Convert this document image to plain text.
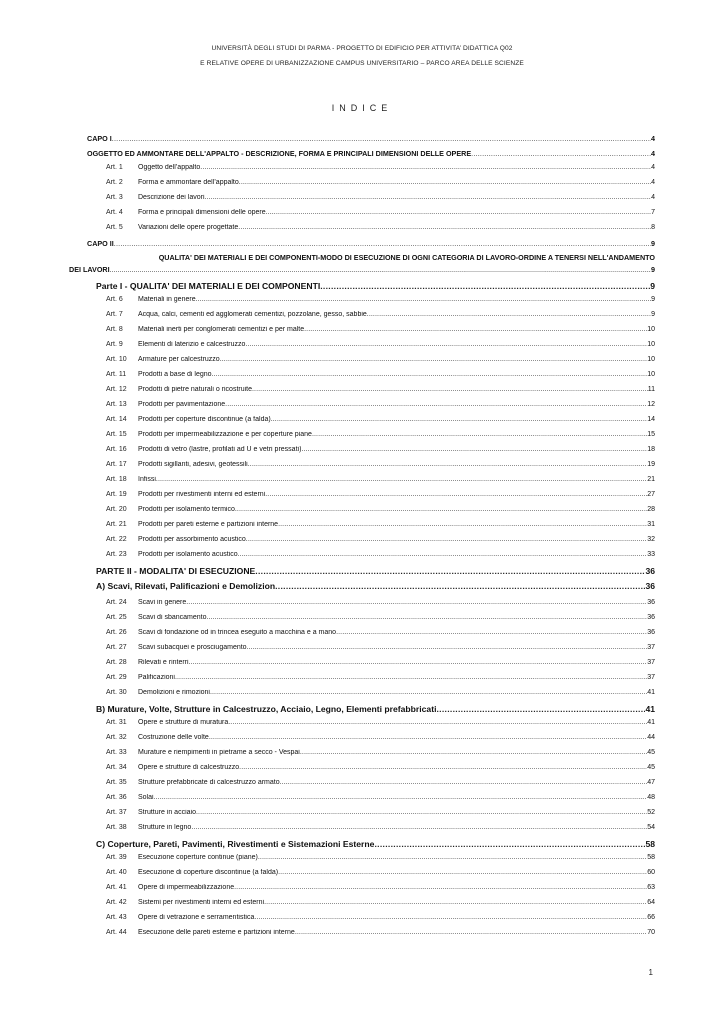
UNIVERSITÀ DEGLI STUDI DI PARMA - PROGETTO DI EDIFICIO PER ATTIVITA’ DIDATTICA Q02
E RELATIVE OPERE DI URBANIZZAZIONE CAMPUS UNIVERSITARIO – PARCO AREA DELLE SCIENZE
INDICE
CAPO I .....	4
OGGETTO ED AMMONTARE DELL'APPALTO - DESCRIZIONE, FORMA E PRINCIPALI DIMENSIONI DELLE OPERE .....	4
Art. 1 Oggetto dell’appalto .....	4
Art. 2 Forma e ammontare dell’appalto .....	4
Art. 3 Descrizione dei lavori .....	4
Art. 4 Forma e principali dimensioni delle opere .....	7
Art. 5 Variazioni delle opere progettate .....	8
CAPO II .....	9
QUALITA' DEI MATERIALI E DEI COMPONENTI-MODO DI ESECUZIONE DI OGNI CATEGORIA DI LAVORO-ORDINE A TENERSI NELL'ANDAMENTO
DEI LAVORI .....	9
Parte I - QUALITA' DEI MATERIALI E DEI COMPONENTI .....	9
Art. 6 Materiali in genere .....	9
Art. 7 Acqua, calci, cementi ed agglomerati cementizi, pozzolane, gesso, sabbie .....	9
Art. 8 Materiali inerti per conglomerati cementizi e per malte .....	10
Art. 9 Elementi di laterizio e calcestruzzo .....	10
Art. 10 Armature per calcestruzzo .....	10
Art. 11 Prodotti a base di legno .....	10
Art. 12 Prodotti di pietre naturali o ricostruite .....	11
Art. 13 Prodotti per pavimentazione .....	12
Art. 14 Prodotti per coperture discontinue (a falda) .....	14
Art. 15 Prodotti per impermeabilizzazione e per coperture piane .....	15
Art. 16 Prodotti di vetro (lastre, profilati ad U e vetri pressati) .....	18
Art. 17 Prodotti sigillanti, adesivi, geotessili .....	19
Art. 18 Infissi .....	21
Art. 19 Prodotti per rivestimenti interni ed esterni .....	27
Art. 20 Prodotti per isolamento termico .....	28
Art. 21 Prodotti per pareti esterne e partizioni interne .....	31
Art. 22 Prodotti per assorbimento acustico .....	32
Art. 23 Prodotti per isolamento acustico .....	33
PARTE II - MODALITA' DI ESECUZIONE .....	36
A) Scavi, Rilevati, Palificazioni e Demolizion .....	36
Art. 24 Scavi in genere .....	36
Art. 25 Scavi di sbancamento .....	36
Art. 26 Scavi di fondazione od in trincea eseguito a macchina e a mano .....	36
Art. 27 Scavi subacquei e prosciugamento .....	37
Art. 28 Rilevati e rinterri .....	37
Art. 29 Palificazioni .....	37
Art. 30 Demolizioni e rimozioni .....	41
B) Murature, Volte, Strutture in Calcestruzzo, Acciaio, Legno, Elementi prefabbricati .....	41
Art. 31 Opere e strutture di muratura .....	41
Art. 32 Costruzione delle volte .....	44
Art. 33 Murature e riempimenti in pietrame a secco - Vespai .....	45
Art. 34 Opere e strutture di calcestruzzo .....	45
Art. 35 Strutture prefabbricate di calcestruzzo armato .....	47
Art. 36 Solai .....	48
Art. 37 Strutture in acciaio .....	52
Art. 38 Strutture in legno .....	54
C) Coperture, Pareti, Pavimenti, Rivestimenti e Sistemazioni Esterne .....	58
Art. 39 Esecuzione coperture continue (piane) .....	58
Art. 40 Esecuzione di coperture discontinue (a falda) .....	60
Art. 41 Opere di impermeabilizzazione .....	63
Art. 42 Sistemi per rivestimenti interni ed esterni .....	64
Art. 43 Opere di vetrazione e serramentistica .....	66
Art. 44 Esecuzione delle pareti esterne e partizioni interne .....	70
1
